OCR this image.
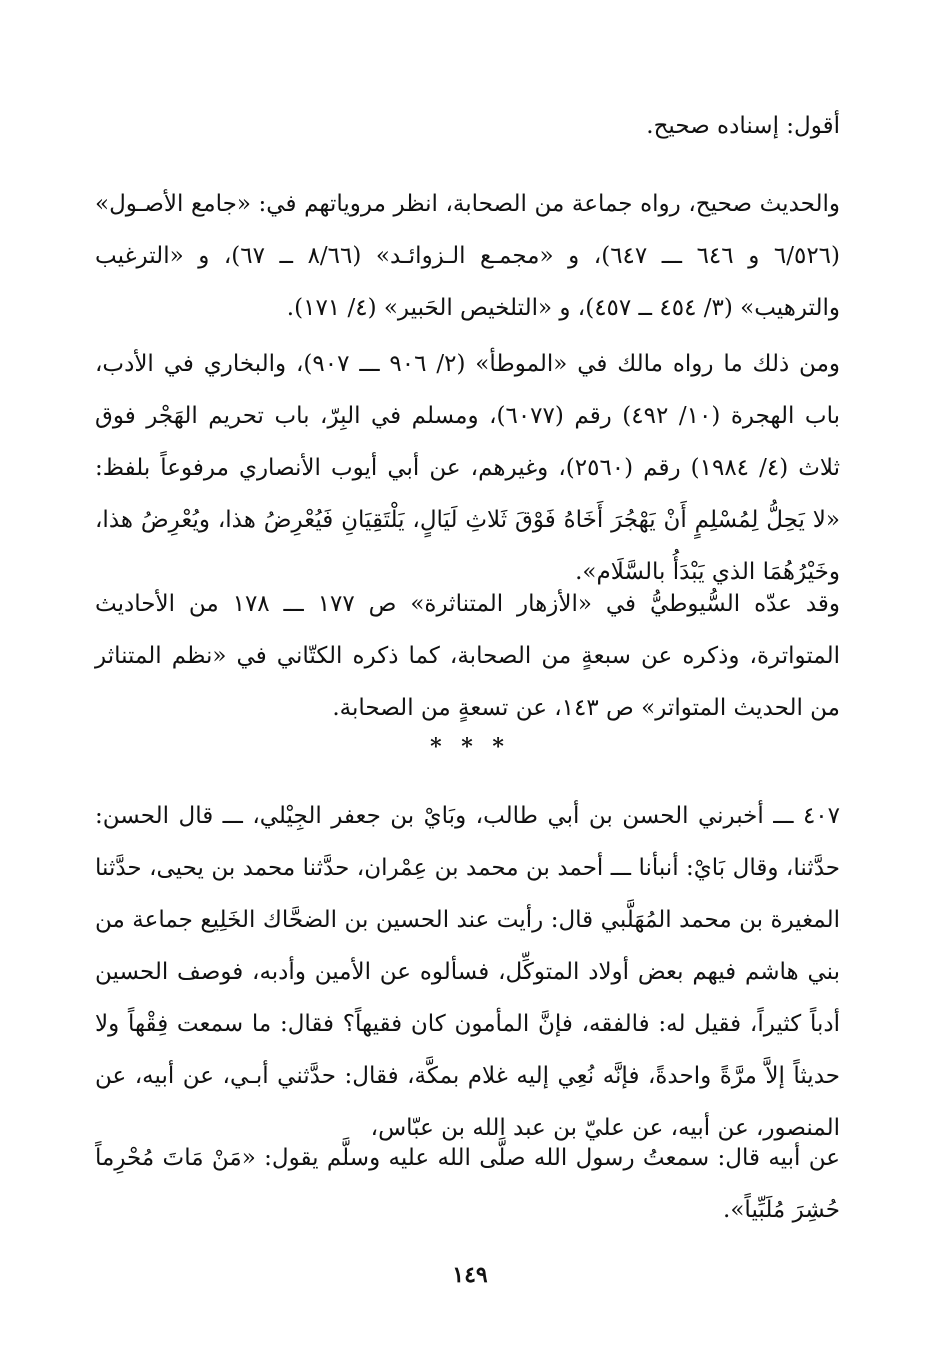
أقول: إسناده صحيح.
والحديث صحيح، رواه جماعة من الصحابة، انظر مروياتهم في: «جامع الأصـول» (٦/٥٢٦ و ٦٤٦ ـــ ٦٤٧)، و «مجمـع الـزوائـد» (٨/٦٦ ــ ٦٧)، و «الترغيب والترهيب» (٣/ ٤٥٤ ــ ٤٥٧)، و «التلخيص الحَبير» (٤/ ١٧١).
ومن ذلك ما رواه مالك في «الموطأ» (٢/ ٩٠٦ ـــ ٩٠٧)، والبخاري في الأدب، باب الهجرة (١٠/ ٤٩٢) رقم (٦٠٧٧)، ومسلم في البِرّ، باب تحريم الهَجْر فوق ثلاث (٤/ ١٩٨٤) رقم (٢٥٦٠)، وغيرهم، عن أبي أيوب الأنصاري مرفوعاً بلفظ: «لا يَحِلُّ لِمُسْلِمٍ أَنْ يَهْجُرَ أَخَاهُ فَوْقَ ثَلاثِ لَيَالٍ، يَلْتَقِيَانِ فَيُعْرِضُ هذا، ويُعْرِضُ هذا، وخَيْرُهُمَا الذي يَبْدَأُ بالسَّلَام».
وقد عدّه السُّيوطيُّ في «الأزهار المتناثرة» ص ١٧٧ ـــ ١٧٨ من الأحاديث المتواترة، وذكره عن سبعةٍ من الصحابة، كما ذكره الكتّاني في «نظم المتناثر من الحديث المتواتر» ص ١٤٣، عن تسعةٍ من الصحابة.
* * *
٤٠٧ ـــ أخبرني الحسن بن أبي طالب، وبَايْ بن جعفر الجِيْلي، ـــ قال الحسن: حدَّثنا، وقال بَايْ: أنبأنا ـــ أحمد بن محمد بن عِمْران، حدَّثنا محمد بن يحيى، حدَّثنا المغيرة بن محمد المُهَلَّبي قال: رأيت عند الحسين بن الضحَّاك الخَلِيع جماعة من بني هاشم فيهم بعض أولاد المتوكِّل، فسألوه عن الأمين وأدبه، فوصف الحسين أدباً كثيراً، فقيل له: فالفقه، فإنَّ المأمون كان فقيهاً؟ فقال: ما سمعت فِقْهاً ولا حديثاً إلاَّ مرَّةً واحدةً، فإنَّه نُعِي إليه غلام بمكَّة، فقال: حدَّثني أبـي، عن أبيه، عن المنصور، عن أبيه، عن عليّ بن عبد الله بن عبّاس،
عن أبيه قال: سمعتُ رسول الله صلَّى الله عليه وسلَّم يقول: «مَنْ مَاتَ مُحْرِماً حُشِرَ مُلَبِّياً».
١٤٩
